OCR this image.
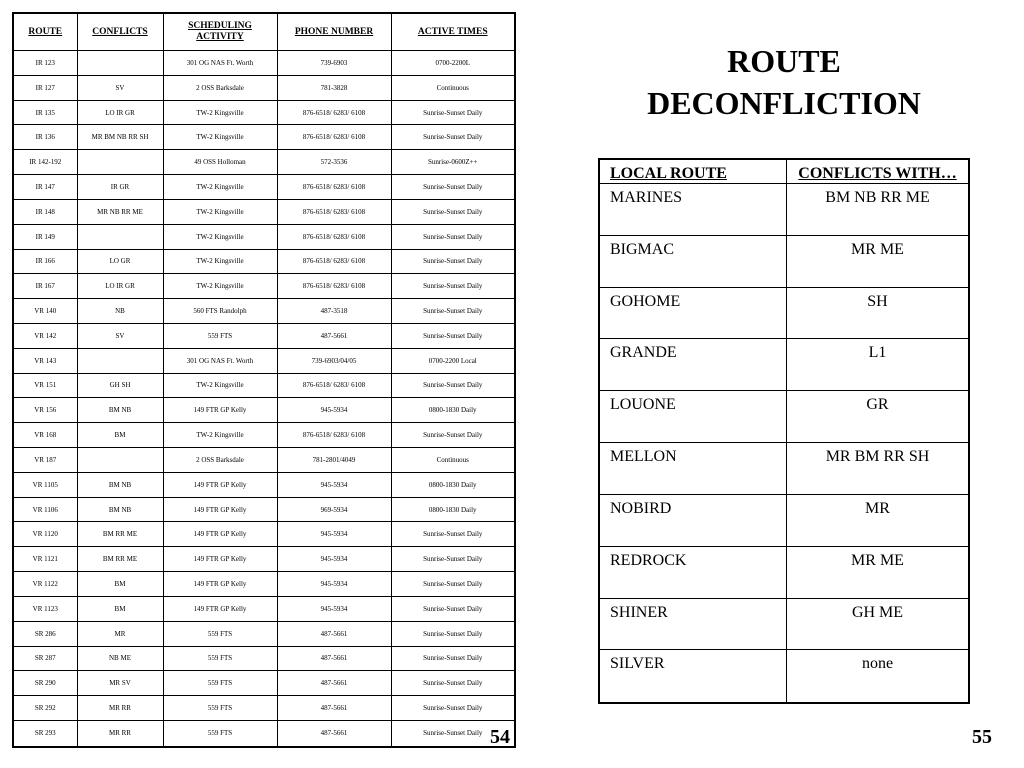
ROUTE	CONFLICTS	SCHEDULING ACTIVITY	PHONE NUMBER	ACTIVE TIMES
IR 123		301 OG NAS Ft. Worth	739-6903	0700-2200L
IR 127	SV	2 OSS Barksdale	781-3828	Continuous
IR 135	LO IR GR	TW-2 Kingsville	876-6518/ 6283/ 6108	Sunrise-Sunset Daily
IR 136	MR BM NB RR SH	TW-2 Kingsville	876-6518/ 6283/ 6108	Sunrise-Sunset Daily
IR 142-192		49 OSS Holloman	572-3536	Sunrise-0600Z++
IR 147	IR GR	TW-2 Kingsville	876-6518/ 6283/ 6108	Sunrise-Sunset Daily
IR 148	MR NB RR ME	TW-2 Kingsville	876-6518/ 6283/ 6108	Sunrise-Sunset Daily
IR 149		TW-2 Kingsville	876-6518/ 6283/ 6108	Sunrise-Sunset Daily
IR 166	LO GR	TW-2 Kingsville	876-6518/ 6283/ 6108	Sunrise-Sunset Daily
IR 167	LO IR GR	TW-2 Kingsville	876-6518/ 6283/ 6108	Sunrise-Sunset Daily
VR 140	NB	560 FTS Randolph	487-3518	Sunrise-Sunset Daily
VR 142	SV	559 FTS	487-5661	Sunrise-Sunset Daily
VR 143		301 OG NAS Ft. Worth	739-6903/04/05	0700-2200 Local
VR 151	GH SH	TW-2 Kingsville	876-6518/ 6283/ 6108	Sunrise-Sunset Daily
VR 156	BM NB	149 FTR GP Kelly	945-5934	0800-1830 Daily
VR 168	BM	TW-2 Kingsville	876-6518/ 6283/ 6108	Sunrise-Sunset Daily
VR 187		2 OSS Barksdale	781-2801/4049	Continuous
VR 1105	BM NB	149 FTR GP Kelly	945-5934	0800-1830 Daily
VR 1106	BM NB	149 FTR GP Kelly	969-5934	0800-1830 Daily
VR 1120	BM RR ME	149 FTR GP Kelly	945-5934	Sunrise-Sunset Daily
VR 1121	BM RR ME	149 FTR GP Kelly	945-5934	Sunrise-Sunset Daily
VR 1122	BM	149 FTR GP Kelly	945-5934	Sunrise-Sunset Daily
VR 1123	BM	149 FTR GP Kelly	945-5934	Sunrise-Sunset Daily
SR 286	MR	559 FTS	487-5661	Sunrise-Sunset Daily
SR 287	NB ME	559 FTS	487-5661	Sunrise-Sunset Daily
SR 290	MR SV	559 FTS	487-5661	Sunrise-Sunset Daily
SR 292	MR RR	559 FTS	487-5661	Sunrise-Sunset Daily
SR 293	MR RR	559 FTS	487-5661	Sunrise-Sunset Daily
ROUTE
DECONFLICTION
LOCAL ROUTE	CONFLICTS WITH…
MARINES	BM NB RR ME
BIGMAC	MR ME
GOHOME	SH
GRANDE	L1
LOUONE	GR
MELLON	MR BM RR SH
NOBIRD	MR
REDROCK	MR ME
SHINER	GH ME
SILVER	none
54	55
